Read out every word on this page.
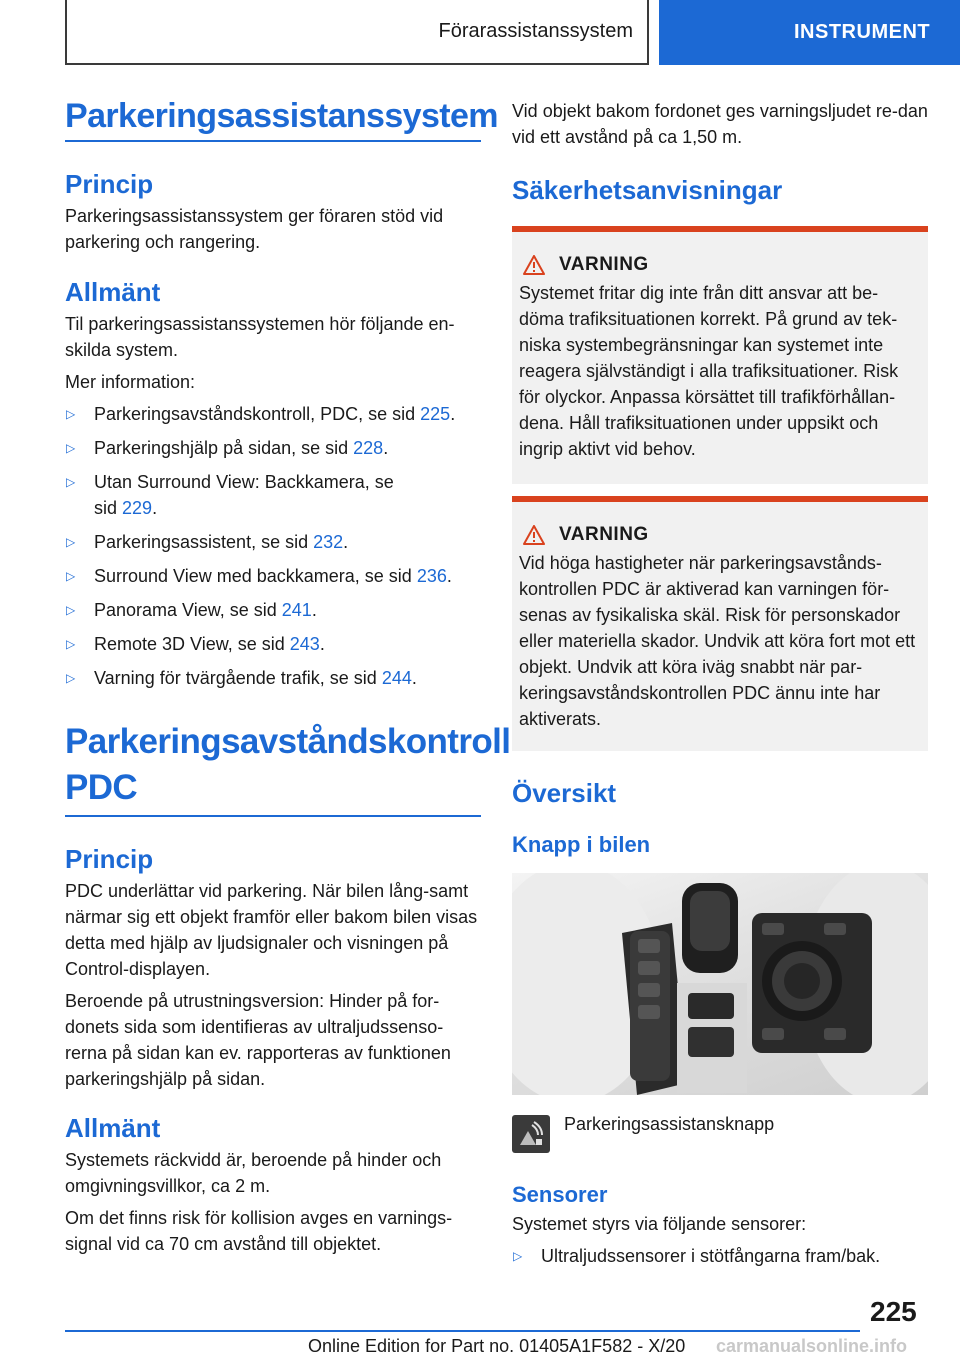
Förarassistanssystem	INSTRUMENT
Parkeringsassistanssystem
Princip

Parkeringsassistanssystem ger föraren stöd vid parkering och rangering.

Allmänt

Til parkeringsassistanssystemen hör följande en-skilda system.

Mer information:

▷	Parkeringsavståndskontroll, PDC, se sid 225.
▷	Parkeringshjälp på sidan, se sid 228.
▷	Utan Surround View: Backkamera, se sid 229.
▷	Parkeringsassistent, se sid 232.
▷	Surround View med backkamera, se sid 236.
▷	Panorama View, se sid 241.
▷	Remote 3D View, se sid 243.
▷	Varning för tvärgående trafik, se sid 244.
Parkeringsavståndskontroll PDC
Princip

PDC underlättar vid parkering. När bilen lång-samt närmar sig ett objekt framför eller bakom bilen visas detta med hjälp av ljudsignaler och visningen på Control-displayen.

Beroende på utrustningsversion: Hinder på for-donets sida som identifieras av ultraljudssenso-rerna på sidan kan ev. rapporteras av funktionen parkeringshjälp på sidan.

Allmänt

Systemets räckvidd är, beroende på hinder och omgivningsvillkor, ca 2 m.

Om det finns risk för kollision avges en varnings-signal vid ca 70 cm avstånd till objektet.

Vid objekt bakom fordonet ges varningsljudet re-dan vid ett avstånd på ca 1,50 m.

Säkerhetsanvisningar
VARNING

Systemet fritar dig inte från ditt ansvar att be-döma trafiksituationen korrekt. På grund av tek-niska systembegränsningar kan systemet inte reagera självständigt i alla trafiksituationer. Risk för olyckor. Anpassa körsättet till trafikförhållan-dena. Håll trafiksituationen under uppsikt och ingrip aktivt vid behov.

VARNING

Vid höga hastigheter när parkeringsavstånds-kontrollen PDC är aktiverad kan varningen för-senas av fysikaliska skäl. Risk för personskador eller materiella skador. Undvik att köra fort mot ett objekt. Undvik att köra iväg snabbt när par-keringsavståndskontrollen PDC ännu inte har aktiverats.

Översikt
Knapp i bilen

Parkeringsassistansknapp

Sensorer

Systemet styrs via följande sensorer:

▷	Ultraljudssensorer i stötfångarna fram/bak.
225
Online Edition for Part no. 01405A1F582 - X/20 carmanualsonline.info
